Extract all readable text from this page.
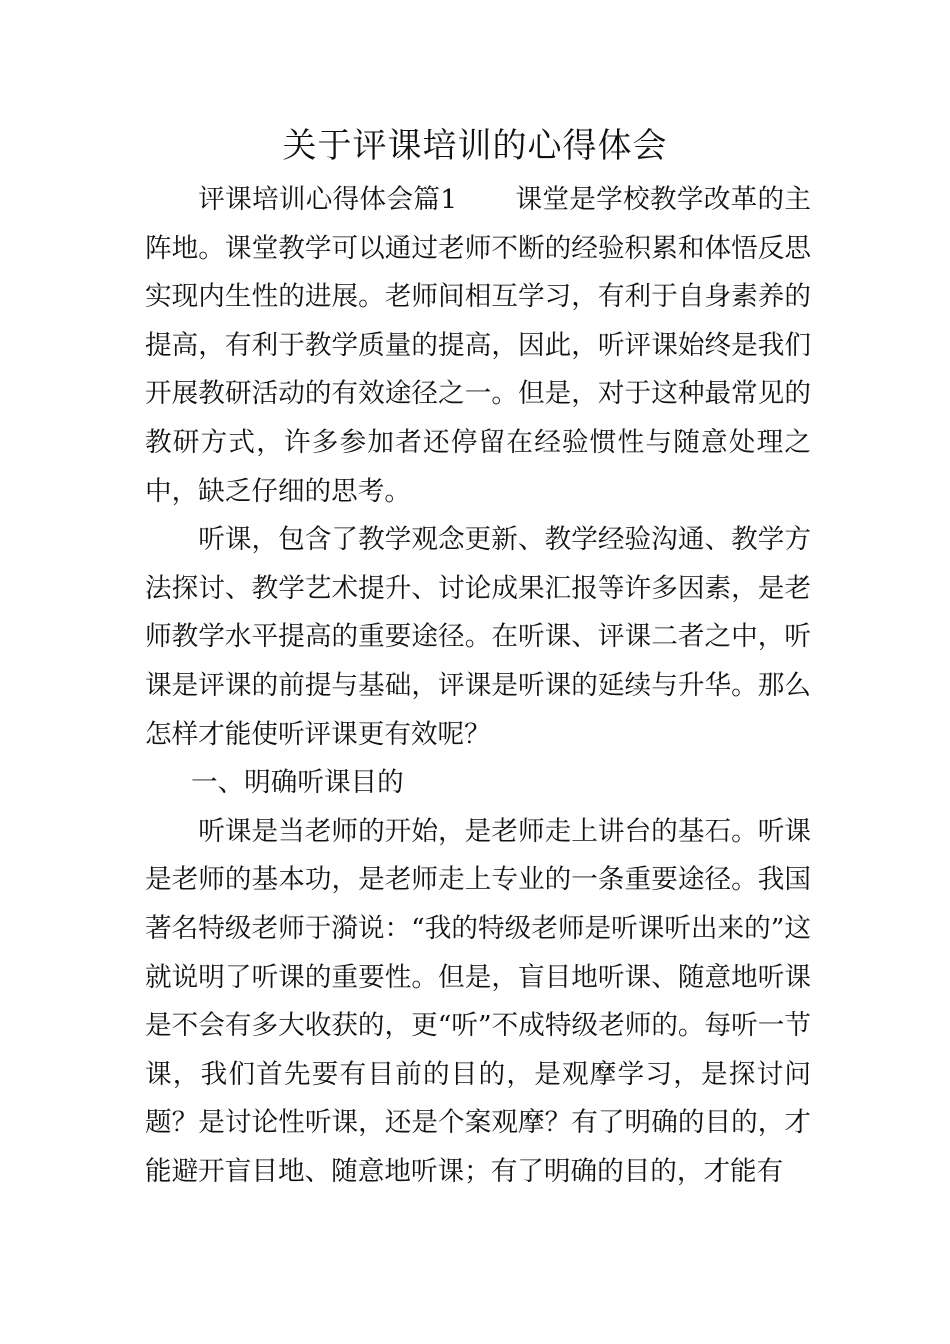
关于评课培训的心得体会

评课培训心得体会篇1 课堂是学校教学改革的主阵地。课堂教学可以通过老师不断的经验积累和体悟反思实现内生性的进展。老师间相互学习，有利于自身素养的提高，有利于教学质量的提高，因此，听评课始终是我们开展教研活动的有效途径之一。但是，对于这种最常见的教研方式，许多参加者还停留在经验惯性与随意处理之中，缺乏仔细的思考。

听课，包含了教学观念更新、教学经验沟通、教学方法探讨、教学艺术提升、讨论成果汇报等许多因素，是老师教学水平提高的重要途径。在听课、评课二者之中，听课是评课的前提与基础，评课是听课的延续与升华。那么怎样才能使听评课更有效呢？

一、明确听课目的

听课是当老师的开始，是老师走上讲台的基石。听课是老师的基本功，是老师走上专业的一条重要途径。我国著名特级老师于漪说：“我的特级老师是听课听出来的”这就说明了听课的重要性。但是，盲目地听课、随意地听课是不会有多大收获的，更“听”不成特级老师的。每听一节课，我们首先要有目前的目的，是观摩学习，是探讨问题？是讨论性听课，还是个案观摩？有了明确的目的，才能避开盲目地、随意地听课；有了明确的目的，才能有
